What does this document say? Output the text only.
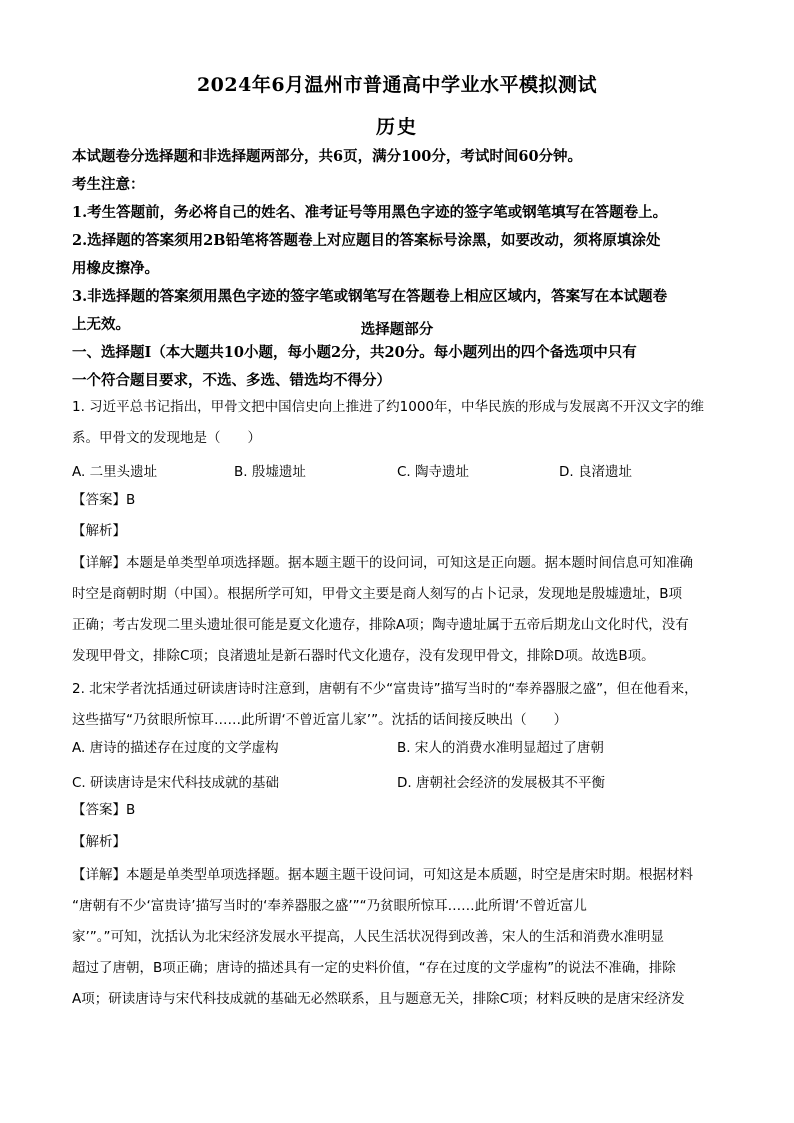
2024年6月温州市普通高中学业水平模拟测试
历史
本试题卷分选择题和非选择题两部分，共6页，满分100分，考试时间60分钟。
考生注意：
1.考生答题前，务必将自己的姓名、准考证号等用黑色字迹的签字笔或钢笔填写在答题卷上。
2.选择题的答案须用2B铅笔将答题卷上对应题目的答案标号涂黑，如要改动，须将原填涂处
用橡皮擦净。
3.非选择题的答案须用黑色字迹的签字笔或钢笔写在答题卷上相应区域内，答案写在本试题卷
上无效。	选择题部分
一、选择题Ⅰ（本大题共10小题，每小题2分，共20分。每小题列出的四个备选项中只有
一个符合题目要求，不选、多选、错选均不得分）
1. 习近平总书记指出，甲骨文把中国信史向上推进了约1000年，中华民族的形成与发展离不开汉文字的维
系。甲骨文的发现地是（　　）
A. 二里头遗址	B. 殷墟遗址	C. 陶寺遗址	D. 良渚遗址
【答案】B
【解析】
【详解】本题是单类型单项选择题。据本题主题干的设问词，可知这是正向题。据本题时间信息可知准确
时空是商朝时期（中国）。根据所学可知，甲骨文主要是商人刻写的占卜记录，发现地是殷墟遗址，B项
正确；考古发现二里头遗址很可能是夏文化遗存，排除A项；陶寺遗址属于五帝后期龙山文化时代，没有
发现甲骨文，排除C项；良渚遗址是新石器时代文化遗存，没有发现甲骨文，排除D项。故选B项。
2. 北宋学者沈括通过研读唐诗时注意到，唐朝有不少“富贵诗”描写当时的“奉养器服之盛”，但在他看来，
这些描写“乃贫眼所惊耳……此所谓‘不曾近富儿家’”。沈括的话间接反映出（　　）
A. 唐诗的描述存在过度的文学虚构	B. 宋人的消费水准明显超过了唐朝
C. 研读唐诗是宋代科技成就的基础	D. 唐朝社会经济的发展极其不平衡
【答案】B
【解析】
【详解】本题是单类型单项选择题。据本题主题干设问词，可知这是本质题，时空是唐宋时期。根据材料
“唐朝有不少‘富贵诗’描写当时的‘奉养器服之盛’”“乃贫眼所惊耳……此所谓‘不曾近富儿
家’”。”可知，沈括认为北宋经济发展水平提高，人民生活状况得到改善，宋人的生活和消费水准明显
超过了唐朝，B项正确；唐诗的描述具有一定的史料价值，“存在过度的文学虚构”的说法不准确，排除
A项；研读唐诗与宋代科技成就的基础无必然联系，且与题意无关，排除C项；材料反映的是唐宋经济发
